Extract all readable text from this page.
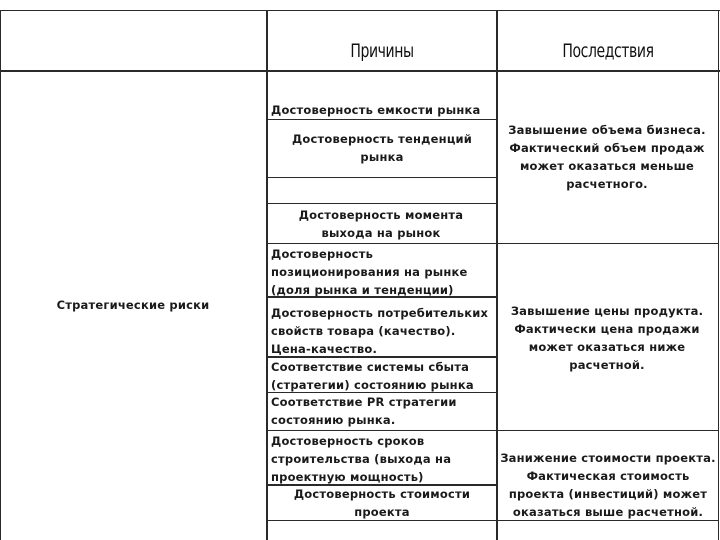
Причины	Последствия
Стратегические риски
Достоверность емкости рынка
Достоверность тенденций рынка
Достоверность момента выхода на рынок
Достоверность позиционирования на рынке (доля рынка и тенденции)
Достоверность потребительких свойств товара (качество). Цена-качество.
Соответствие системы сбыта (стратегии) состоянию рынка
Соответствие PR стратегии состоянию рынка.
Достоверность сроков строительства (выхода на проектную мощность)
Достоверность стоимости проекта
Завышение объема бизнеса. Фактический объем продаж может оказаться меньше расчетного.
Завышение цены продукта. Фактически цена продажи может оказаться ниже расчетной.
Занижение стоимости проекта. Фактическая стоимость проекта (инвестиций) может оказаться выше расчетной.
